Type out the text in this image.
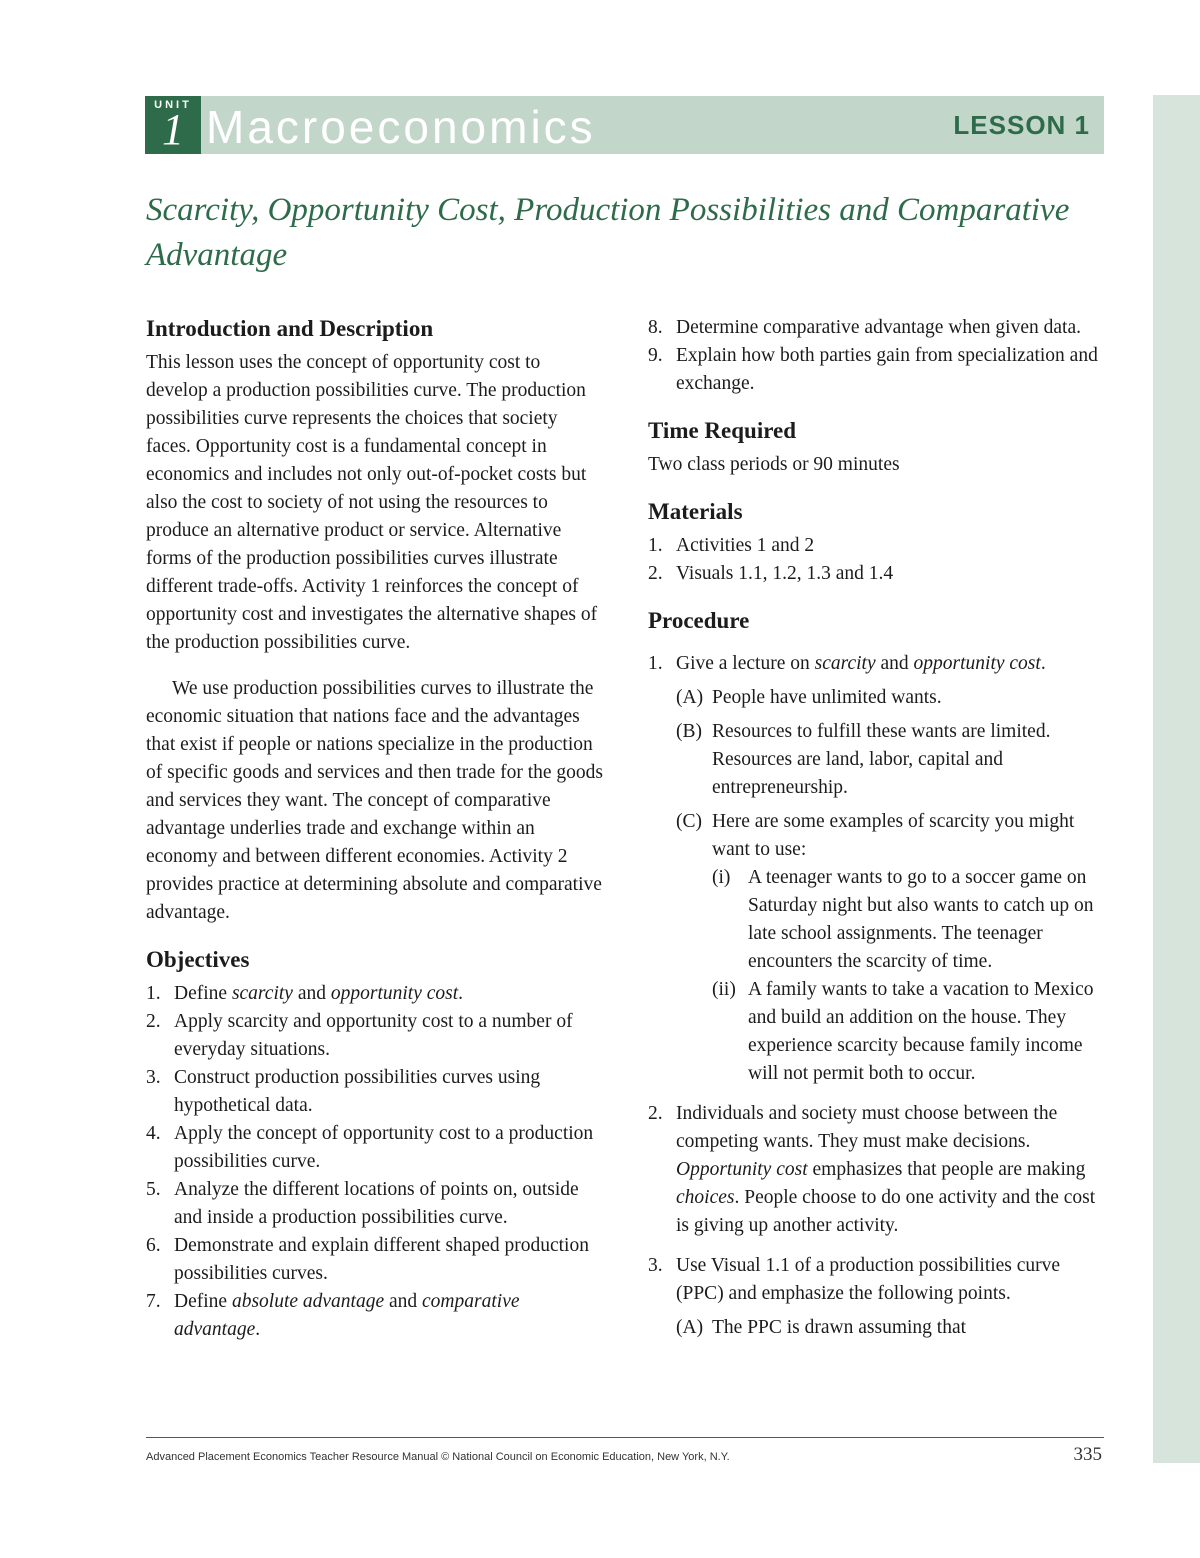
UNIT
1 Macroeconomics	LESSON 1
Scarcity, Opportunity Cost, Production Possibilities and Comparative Advantage
Introduction and Description

This lesson uses the concept of opportunity cost to develop a production possibilities curve. The production possibilities curve represents the choices that society faces. Opportunity cost is a fundamental concept in economics and includes not only out-of-pocket costs but also the cost to society of not using the resources to produce an alternative product or service. Alternative forms of the production possibilities curves illustrate different trade-offs. Activity 1 reinforces the concept of opportunity cost and investigates the alternative shapes of the production possibilities curve.

We use production possibilities curves to illustrate the economic situation that nations face and the advantages that exist if people or nations specialize in the production of specific goods and services and then trade for the goods and services they want. The concept of comparative advantage underlies trade and exchange within an economy and between different economies. Activity 2 provides practice at determining absolute and comparative advantage.

Objectives
1. Define scarcity and opportunity cost.
2. Apply scarcity and opportunity cost to a number of everyday situations.
3. Construct production possibilities curves using hypothetical data.
4. Apply the concept of opportunity cost to a production possibilities curve.
5. Analyze the different locations of points on, outside and inside a production possibilities curve.
6. Demonstrate and explain different shaped production possibilities curves.
7. Define absolute advantage and comparative advantage.
8. Determine comparative advantage when given data.
9. Explain how both parties gain from specialization and exchange.
Time Required

Two class periods or 90 minutes

Materials
1. Activities 1 and 2
2. Visuals 1.1, 1.2, 1.3 and 1.4
Procedure
1. Give a lecture on scarcity and opportunity cost.
(A) People have unlimited wants.
(B) Resources to fulfill these wants are limited. Resources are land, labor, capital and entrepreneurship.
(C) Here are some examples of scarcity you might want to use:
(i) A teenager wants to go to a soccer game on Saturday night but also wants to catch up on late school assignments. The teenager encounters the scarcity of time.
(ii) A family wants to take a vacation to Mexico and build an addition on the house. They experience scarcity because family income will not permit both to occur.
2. Individuals and society must choose between the competing wants. They must make decisions. Opportunity cost emphasizes that people are making choices. People choose to do one activity and the cost is giving up another activity.
3. Use Visual 1.1 of a production possibilities curve (PPC) and emphasize the following points.
(A) The PPC is drawn assuming that
Advanced Placement Economics Teacher Resource Manual © National Council on Economic Education, New York, N.Y.	335
